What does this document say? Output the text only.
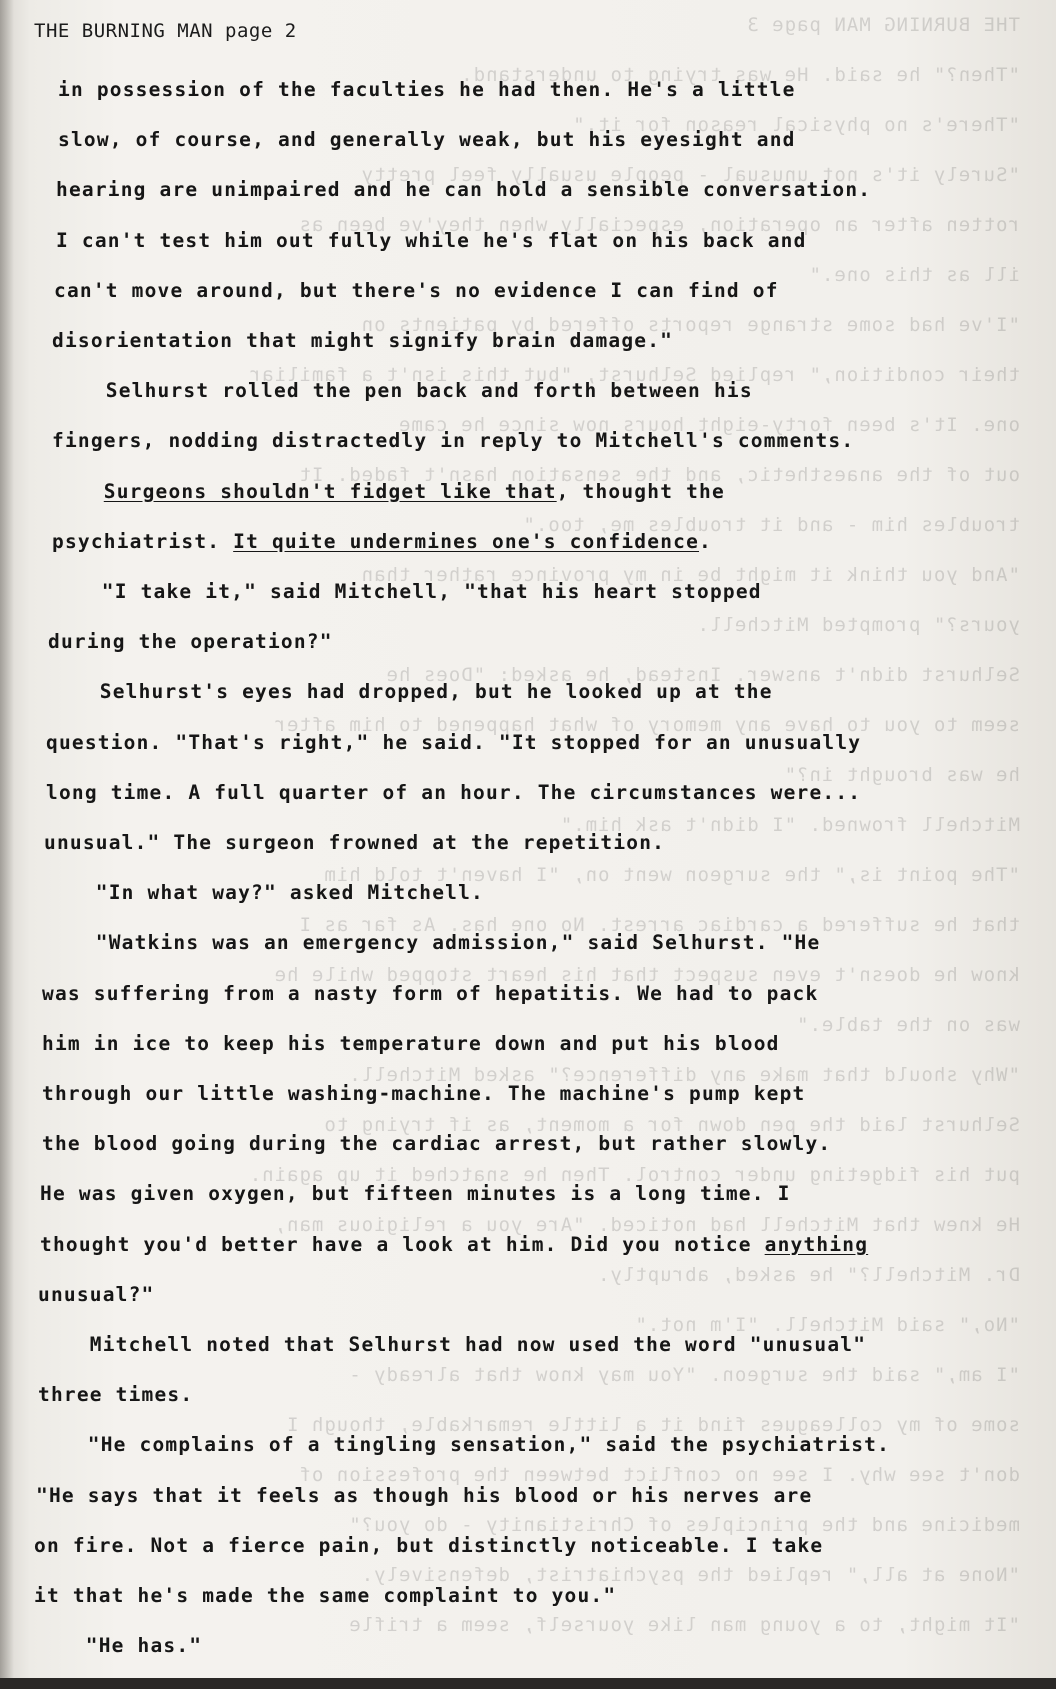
THE BURNING MAN page 3
"Then?" he said. He was trying to understand.
"There's no physical reason for it."
"Surely it's not unusual - people usually feel pretty
rotten after an operation, especially when they've been as
ill as this one."
"I've had some strange reports offered by patients on
their condition," replied Selhurst, "but this isn't a familiar
one. It's been forty-eight hours now since he came
out of the anaesthetic, and the sensation hasn't faded. It
troubles him - and it troubles me, too."
"And you think it might be in my province rather than
yours?" prompted Mitchell.
Selhurst didn't answer. Instead, he asked: "Does he
seem to you to have any memory of what happened to him after
he was brought in?"
Mitchell frowned. "I didn't ask him."
"The point is," the surgeon went on, "I haven't told him
that he suffered a cardiac arrest. No one has. As far as I
know he doesn't even suspect that his heart stopped while he
was on the table."
"Why should that make any difference?" asked Mitchell.
Selhurst laid the pen down for a moment, as if trying to
put his fidgeting under control. Then he snatched it up again.
He knew that Mitchell had noticed. "Are you a religious man,
Dr. Mitchell?" he asked, abruptly.
"No," said Mitchell. "I'm not."
"I am," said the surgeon. "You may know that already -
some of my colleagues find it a little remarkable, though I
don't see why. I see no conflict between the profession of
medicine and the principles of Christianity - do you?"
"None at all," replied the psychiatrist, defensively.
"It might, to a young man like yourself, seem a trifle
THE BURNING MAN page 2
in possession of the faculties he had then. He's a little
slow, of course, and generally weak, but his eyesight and
hearing are unimpaired and he can hold a sensible conversation.
I can't test him out fully while he's flat on his back and
can't move around, but there's no evidence I can find of
disorientation that might signify brain damage."
Selhurst rolled the pen back and forth between his
fingers, nodding distractedly in reply to Mitchell's comments.
Surgeons shouldn't fidget like that, thought the
psychiatrist. It quite undermines one's confidence.
"I take it," said Mitchell, "that his heart stopped
during the operation?"
Selhurst's eyes had dropped, but he looked up at the
question. "That's right," he said. "It stopped for an unusually
long time. A full quarter of an hour. The circumstances were...
unusual." The surgeon frowned at the repetition.
"In what way?" asked Mitchell.
"Watkins was an emergency admission," said Selhurst. "He
was suffering from a nasty form of hepatitis. We had to pack
him in ice to keep his temperature down and put his blood
through our little washing-machine. The machine's pump kept
the blood going during the cardiac arrest, but rather slowly.
He was given oxygen, but fifteen minutes is a long time. I
thought you'd better have a look at him. Did you notice anything
unusual?"
Mitchell noted that Selhurst had now used the word "unusual"
three times.
"He complains of a tingling sensation," said the psychiatrist.
"He says that it feels as though his blood or his nerves are
on fire. Not a fierce pain, but distinctly noticeable. I take
it that he's made the same complaint to you."
"He has."
